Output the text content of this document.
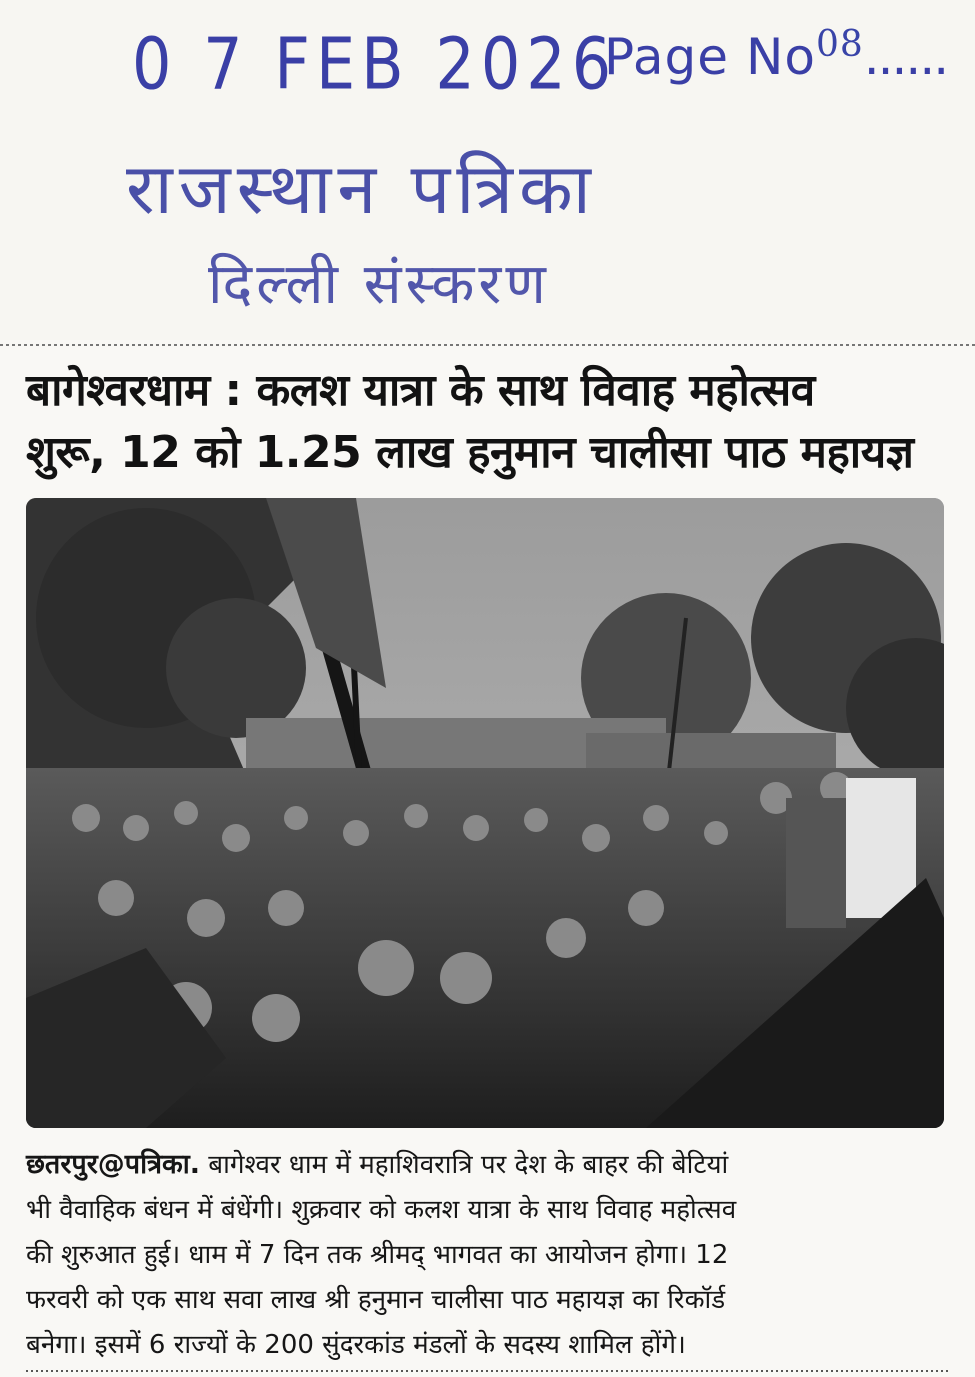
0 7 FEB 2026
Page No$^{08}$......
राजस्थान पत्रिका
दिल्ली संस्करण
बागेश्वरधाम : कलश यात्रा के साथ विवाह महोत्सव
शुरू, 12 को 1.25 लाख हनुमान चालीसा पाठ महायज्ञ
छतरपुर@पत्रिका. बागेश्वर धाम में महाशिवरात्रि पर देश के बाहर की बेटियां
भी वैवाहिक बंधन में बंधेंगी। शुक्रवार को कलश यात्रा के साथ विवाह महोत्सव
की शुरुआत हुई। धाम में 7 दिन तक श्रीमद् भागवत का आयोजन होगा। 12
फरवरी को एक साथ सवा लाख श्री हनुमान चालीसा पाठ महायज्ञ का रिकॉर्ड
बनेगा। इसमें 6 राज्यों के 200 सुंदरकांड मंडलों के सदस्य शामिल होंगे।
